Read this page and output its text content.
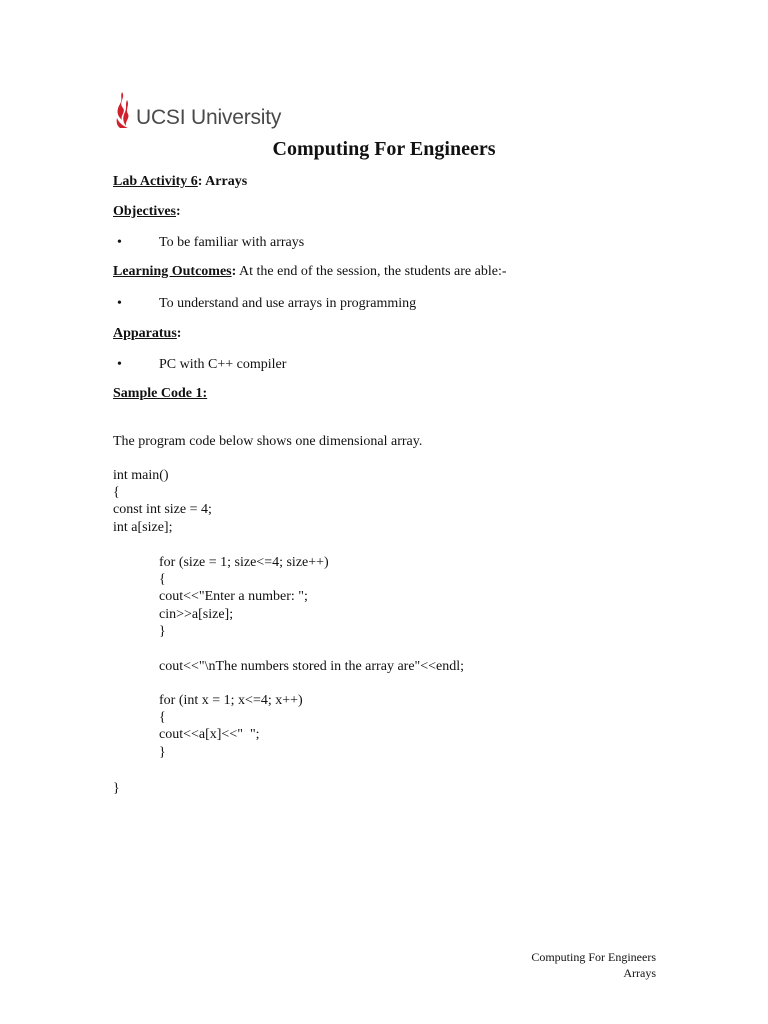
UCSI University
Computing For Engineers
Lab Activity 6: Arrays
Objectives:
•	To be familiar with arrays
Learning Outcomes: At the end of the session, the students are able:-
•	To understand and use arrays in programming
Apparatus:
•	PC with C++ compiler
Sample Code 1:
The program code below shows one dimensional array.
int main()
{
const int size = 4;
int a[size];
for (size = 1; size<=4; size++)
{
cout<<"Enter a number: ";
cin>>a[size];
}
cout<<"\nThe numbers stored in the array are"<<endl;
for (int x = 1; x<=4; x++)
{
cout<<a[x]<<"  ";
}
}
Computing For Engineers
Arrays
